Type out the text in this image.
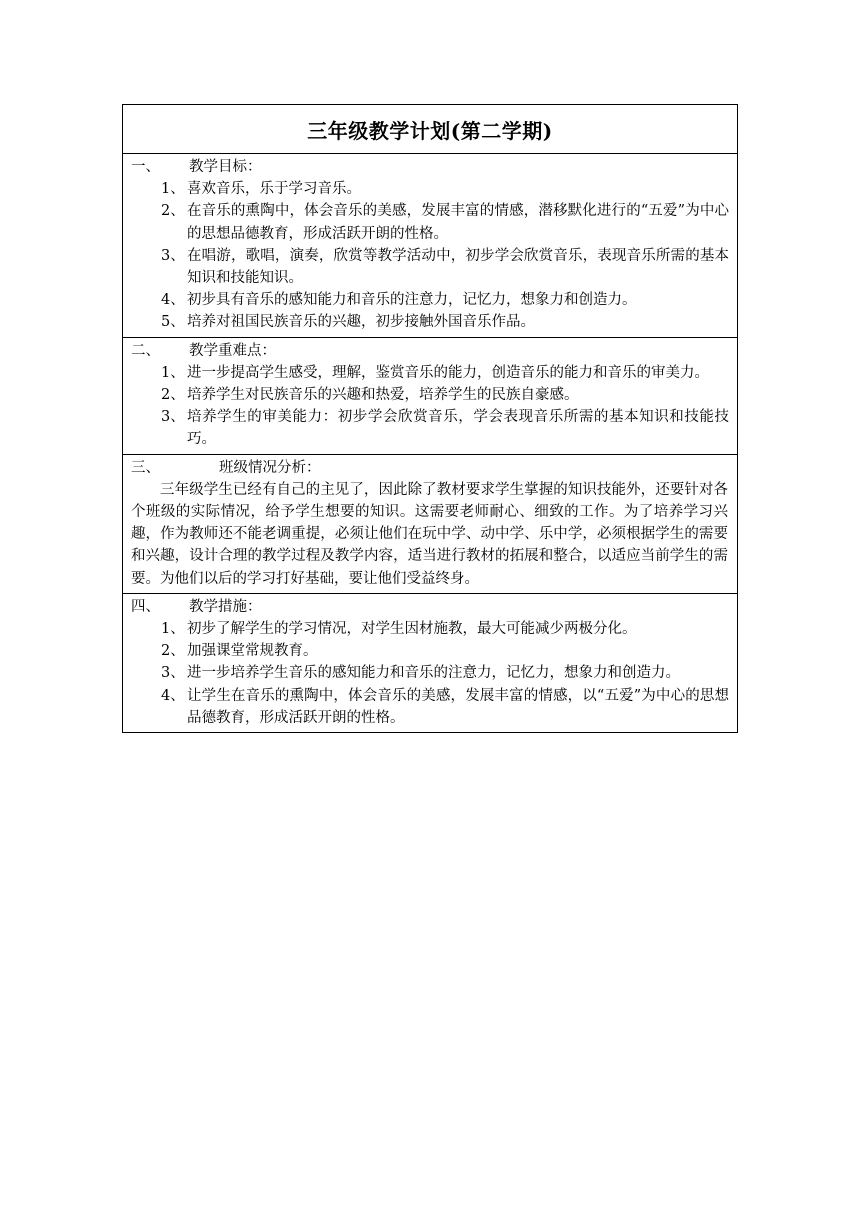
三年级教学计划(第二学期)
一、	教学目标：
1、 喜欢音乐，乐于学习音乐。
2、 在音乐的熏陶中，体会音乐的美感，发展丰富的情感，潜移默化进行的“五爱”为中心的思想品德教育，形成活跃开朗的性格。
3、 在唱游，歌唱，演奏，欣赏等教学活动中，初步学会欣赏音乐，表现音乐所需的基本知识和技能知识。
4、 初步具有音乐的感知能力和音乐的注意力，记忆力，想象力和创造力。
5、 培养对祖国民族音乐的兴趣，初步接触外国音乐作品。
二、	教学重难点：
1、 进一步提高学生感受，理解，鉴赏音乐的能力，创造音乐的能力和音乐的审美力。
2、 培养学生对民族音乐的兴趣和热爱，培养学生的民族自豪感。
3、 培养学生的审美能力：初步学会欣赏音乐，学会表现音乐所需的基本知识和技能技巧。
三、	班级情况分析：
三年级学生已经有自己的主见了，因此除了教材要求学生掌握的知识技能外，还要针对各个班级的实际情况，给予学生想要的知识。这需要老师耐心、细致的工作。为了培养学习兴趣，作为教师还不能老调重提，必须让他们在玩中学、动中学、乐中学，必须根据学生的需要和兴趣，设计合理的教学过程及教学内容，适当进行教材的拓展和整合，以适应当前学生的需要。为他们以后的学习打好基础，要让他们受益终身。
四、	教学措施：
1、 初步了解学生的学习情况，对学生因材施教，最大可能减少两极分化。
2、 加强课堂常规教育。
3、 进一步培养学生音乐的感知能力和音乐的注意力，记忆力，想象力和创造力。
4、 让学生在音乐的熏陶中，体会音乐的美感，发展丰富的情感，以“五爱”为中心的思想品德教育，形成活跃开朗的性格。
